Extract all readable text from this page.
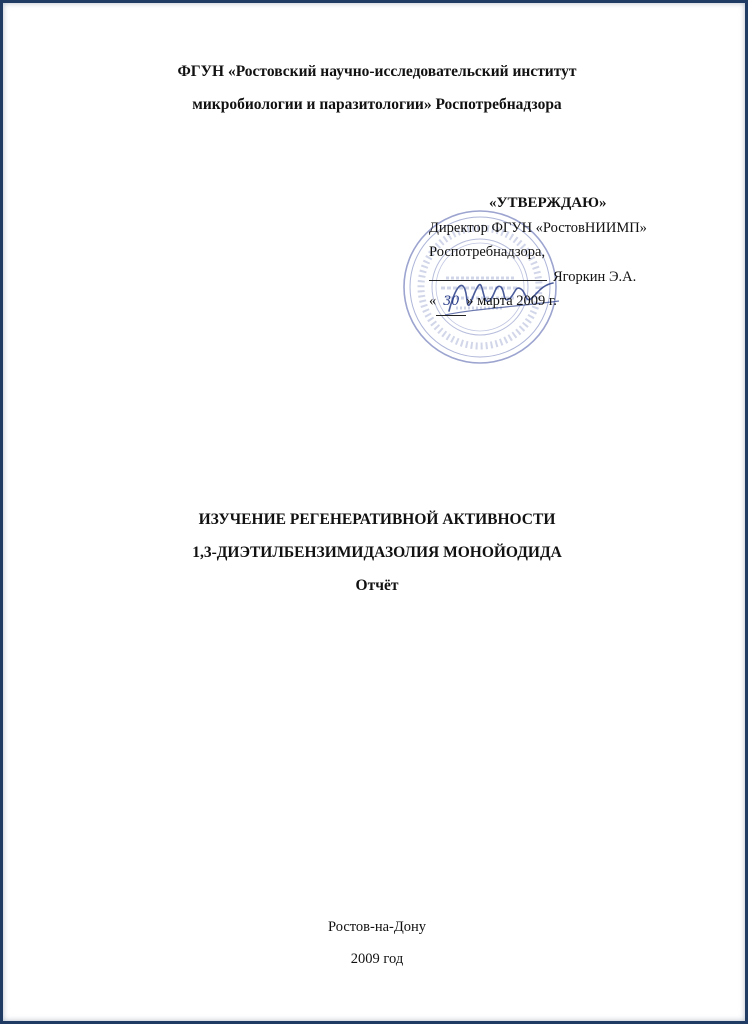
ФГУН «Ростовский научно-исследовательский институт
микробиологии и паразитологии» Роспотребнадзора
«УТВЕРЖДАЮ»
Директор ФГУН «РостовНИИМП»
Роспотребнадзора,
Ягоркин Э.А.
« 30 » марта 2009 г.
ИЗУЧЕНИЕ РЕГЕНЕРАТИВНОЙ АКТИВНОСТИ
1,3-ДИЭТИЛБЕНЗИМИДАЗОЛИЯ МОНОЙОДИДА
Отчёт
Ростов-на-Дону
2009 год
